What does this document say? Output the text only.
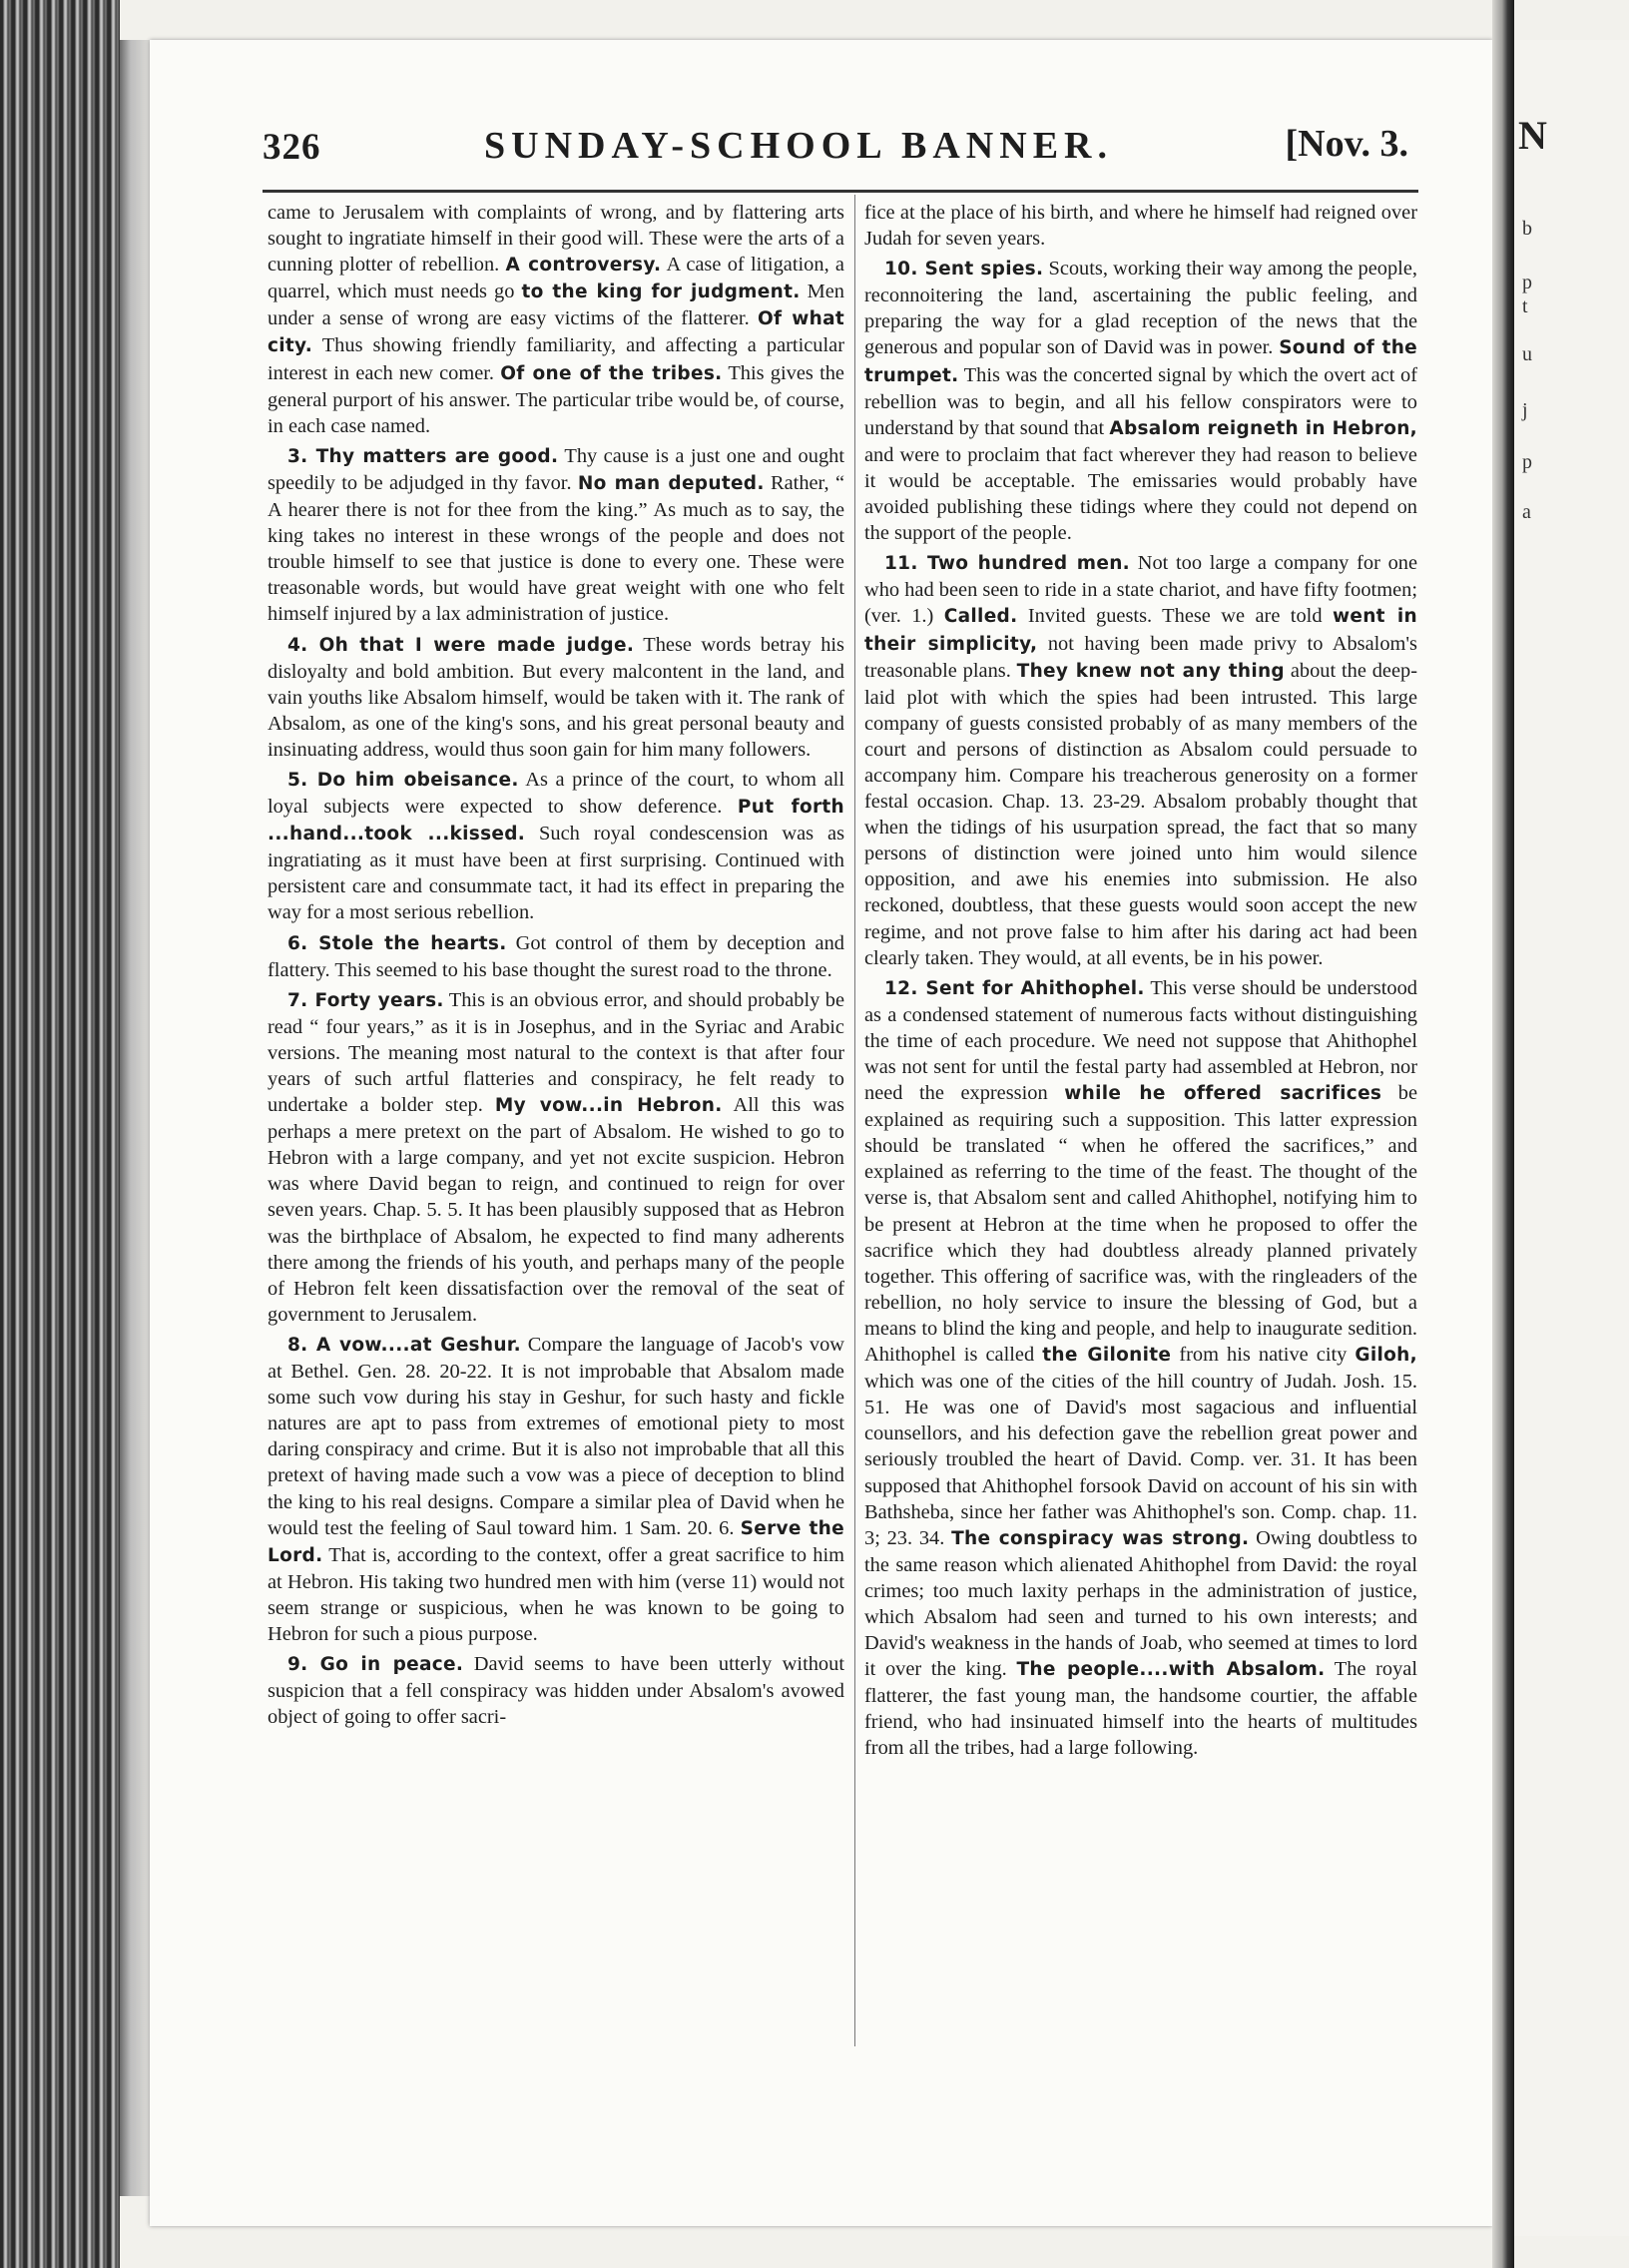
N
b
p
t
u
j
p
a
326	SUNDAY-SCHOOL BANNER.	[Nov. 3.

came to Jerusalem with complaints of wrong, and by flattering arts sought to ingratiate himself in their good will. These were the arts of a cunning plotter of rebellion. A controversy. A case of litigation, a quarrel, which must needs go to the king for judgment. Men under a sense of wrong are easy victims of the flatterer. Of what city. Thus showing friendly familiarity, and affecting a particular interest in each new comer. Of one of the tribes. This gives the general purport of his answer. The particular tribe would be, of course, in each case named.

3. Thy matters are good. Thy cause is a just one and ought speedily to be adjudged in thy favor. No man deputed. Rather, “ A hearer there is not for thee from the king.” As much as to say, the king takes no interest in these wrongs of the people and does not trouble himself to see that justice is done to every one. These were treasonable words, but would have great weight with one who felt himself injured by a lax administration of justice.

4. Oh that I were made judge. These words betray his disloyalty and bold ambition. But every malcontent in the land, and vain youths like Absalom himself, would be taken with it. The rank of Absalom, as one of the king's sons, and his great personal beauty and insinuating address, would thus soon gain for him many followers.

5. Do him obeisance. As a prince of the court, to whom all loyal subjects were expected to show deference. Put forth ...hand...took ...kissed. Such royal condescension was as ingratiating as it must have been at first surprising. Continued with persistent care and consummate tact, it had its effect in preparing the way for a most serious rebellion.

6. Stole the hearts. Got control of them by deception and flattery. This seemed to his base thought the surest road to the throne.

7. Forty years. This is an obvious error, and should probably be read “ four years,” as it is in Josephus, and in the Syriac and Arabic versions. The meaning most natural to the context is that after four years of such artful flatteries and conspiracy, he felt ready to undertake a bolder step. My vow...in Hebron. All this was perhaps a mere pretext on the part of Absalom. He wished to go to Hebron with a large company, and yet not excite suspicion. Hebron was where David began to reign, and continued to reign for over seven years. Chap. 5. 5. It has been plausibly supposed that as Hebron was the birthplace of Absalom, he expected to find many adherents there among the friends of his youth, and perhaps many of the people of Hebron felt keen dissatisfaction over the removal of the seat of government to Jerusalem.

8. A vow....at Geshur. Compare the language of Jacob's vow at Bethel. Gen. 28. 20-22. It is not improbable that Absalom made some such vow during his stay in Geshur, for such hasty and fickle natures are apt to pass from extremes of emotional piety to most daring conspiracy and crime. But it is also not improbable that all this pretext of having made such a vow was a piece of deception to blind the king to his real designs. Compare a similar plea of David when he would test the feeling of Saul toward him. 1 Sam. 20. 6. Serve the Lord. That is, according to the context, offer a great sacrifice to him at Hebron. His taking two hundred men with him (verse 11) would not seem strange or suspicious, when he was known to be going to Hebron for such a pious purpose.

9. Go in peace. David seems to have been utterly without suspicion that a fell conspiracy was hidden under Absalom's avowed object of going to offer sacri-

fice at the place of his birth, and where he himself had reigned over Judah for seven years.

10. Sent spies. Scouts, working their way among the people, reconnoitering the land, ascertaining the public feeling, and preparing the way for a glad reception of the news that the generous and popular son of David was in power. Sound of the trumpet. This was the concerted signal by which the overt act of rebellion was to begin, and all his fellow conspirators were to understand by that sound that Absalom reigneth in Hebron, and were to proclaim that fact wherever they had reason to believe it would be acceptable. The emissaries would probably have avoided publishing these tidings where they could not depend on the support of the people.

11. Two hundred men. Not too large a company for one who had been seen to ride in a state chariot, and have fifty footmen; (ver. 1.) Called. Invited guests. These we are told went in their simplicity, not having been made privy to Absalom's treasonable plans. They knew not any thing about the deep-laid plot with which the spies had been intrusted. This large company of guests consisted probably of as many members of the court and persons of distinction as Absalom could persuade to accompany him. Compare his treacherous generosity on a former festal occasion. Chap. 13. 23-29. Absalom probably thought that when the tidings of his usurpation spread, the fact that so many persons of distinction were joined unto him would silence opposition, and awe his enemies into submission. He also reckoned, doubtless, that these guests would soon accept the new regime, and not prove false to him after his daring act had been clearly taken. They would, at all events, be in his power.

12. Sent for Ahithophel. This verse should be understood as a condensed statement of numerous facts without distinguishing the time of each procedure. We need not suppose that Ahithophel was not sent for until the festal party had assembled at Hebron, nor need the expression while he offered sacrifices be explained as requiring such a supposition. This latter expression should be translated “ when he offered the sacrifices,” and explained as referring to the time of the feast. The thought of the verse is, that Absalom sent and called Ahithophel, notifying him to be present at Hebron at the time when he proposed to offer the sacrifice which they had doubtless already planned privately together. This offering of sacrifice was, with the ringleaders of the rebellion, no holy service to insure the blessing of God, but a means to blind the king and people, and help to inaugurate sedition. Ahithophel is called the Gilonite from his native city Giloh, which was one of the cities of the hill country of Judah. Josh. 15. 51. He was one of David's most sagacious and influential counsellors, and his defection gave the rebellion great power and seriously troubled the heart of David. Comp. ver. 31. It has been supposed that Ahithophel forsook David on account of his sin with Bathsheba, since her father was Ahithophel's son. Comp. chap. 11. 3; 23. 34. The conspiracy was strong. Owing doubtless to the same reason which alienated Ahithophel from David: the royal crimes; too much laxity perhaps in the administration of justice, which Absalom had seen and turned to his own interests; and David's weakness in the hands of Joab, who seemed at times to lord it over the king. The people....with Absalom. The royal flatterer, the fast young man, the handsome courtier, the affable friend, who had insinuated himself into the hearts of multitudes from all the tribes, had a large following.
